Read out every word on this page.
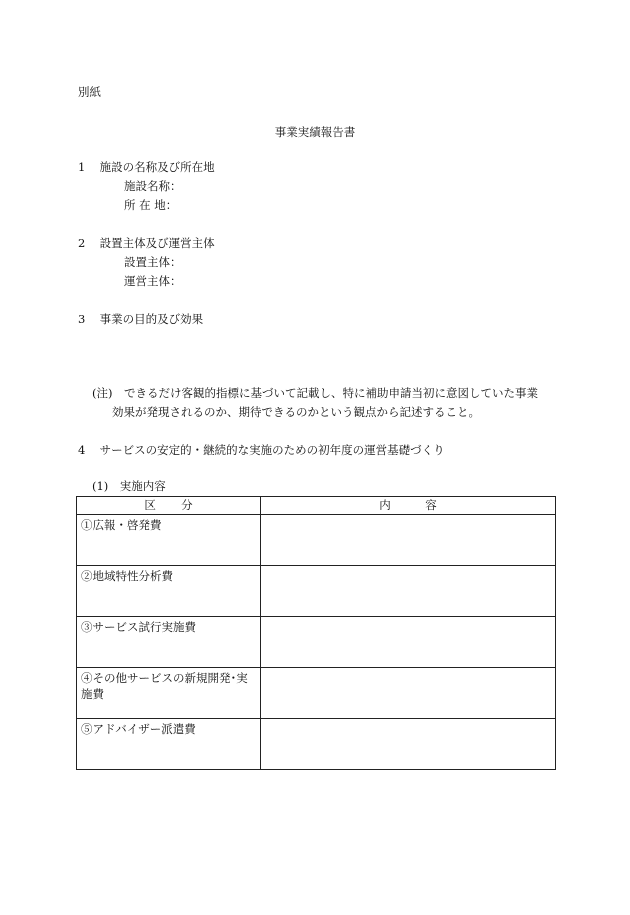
別紙
事業実績報告書
1 施設の名称及び所在地
施設名称：
所 在 地：
2 設置主体及び運営主体
設置主体：
運営主体：
3 事業の目的及び効果
(注)　できるだけ客観的指標に基づいて記載し、特に補助申請当初に意図していた事業
効果が発現されるのか、期待できるのかという観点から記述すること。
4 サービスの安定的・継続的な実施のための初年度の運営基礎づくり
(1)　実施内容
区分	内容
①広報・啓発費	
②地域特性分析費	
③サービス試行実施費	
④その他サービスの新規開発･実施費	
⑤アドバイザー派遣費	
